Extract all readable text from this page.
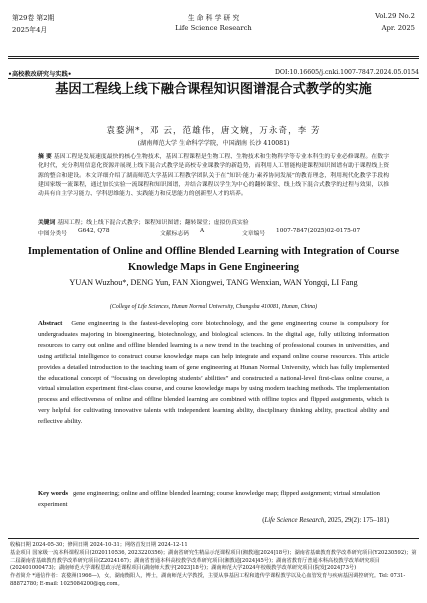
第29卷 第2期
2025年4月
生 命 科 学 研 究
Life Science Research
Vol.29 No.2
Apr. 2025
•高校教改研究与实践•	DOI:10.16605/j.cnki.1007-7847.2024.05.0154
基因工程线上线下融合课程知识图谱混合式教学的实施
袁婺洲*，邓 云，范雄伟，唐文婉，万永奇，李 芳
(湖南师范大学 生命科学学院，中国湖南 长沙 410081)
摘 要 基因工程是发展速度最快的核心生物技术，基因工程课程是生物工程、生物技术和生物科学等专业本科生的专业必修课程。在数字化时代，充分利用信息化资源并展现上线下混合式教学是高校专业课教学的新趋势，而利用人工智能构建课程知识图谱有助于课程线上资源的整合和建设。本文详细介绍了湖南师范大学基因工程教学团队关于在“知识·能力·素养协同发展”的教育理念，利用现代化教学手段构建国家级一流课程，通过加长实验一流课程和知识图谱，并结合课程以学生为中心的翻转课堂、线上线下混合式教学的过程与效果，以推动具有自主学习能力、学科思维能力、实践能力和反思能力的创新型人才的培养。
关键词 基因工程；线上线下混合式教学；课程知识图谱；翻转课堂；虚拟仿真实验
中图分类号 G642, Q78	文献标志码 A	文章编号 1007-7847(2025)02-0175-07
Implementation of Online and Offline Blended Learning with Integration of Course Knowledge Maps in Gene Engineering
YUAN Wuzhou*, DENG Yun, FAN Xiongwei, TANG Wenxian, WAN Yongqi, LI Fang
(College of Life Sciences, Hunan Normal University, Changsha 410081, Hunan, China)
Abstract Gene engineering is the fastest-developing core biotechnology, and the gene engineering course is compulsory for undergraduates majoring in bioengineering, biotechnology, and biological sciences. In the digital age, fully utilizing information resources to carry out online and offline blended learning is a new trend in the teaching of professional courses in universities, and using artificial intelligence to construct course knowledge maps can help integrate and expand online course resources. This article provides a detailed introduction to the teaching team of gene engineering at Hunan Normal University, which has fully implemented the educational concept of “focusing on developing students’ abilities” and constructed a national-level first-class online course, a virtual simulation experiment first-class course, and course knowledge maps by using modern teaching methods. The implementation process and effectiveness of online and offline blended learning are combined with offline topics and flipped assignments, which is very helpful for cultivating innovative talents with independent learning ability, disciplinary thinking ability, practical ability and reflective ability.
Key words gene engineering; online and offline blended learning; course knowledge map; flipped assignment; virtual simulation experiment
(Life Science Research, 2025, 29(2): 175–181)
收稿日期 2024-05-30；修回日期 2024-10-31；网络首发日期 2024-12-11
基金项目 国家级一流本科课程项目(2020110536, 2023220356)；湖南省研究生精品示范课程项目(湘教通[2024]18号)；湖南省基础教育教学改革研究项目(Y20230592)；第二届湖南省基础教育教学改革研究项目(Z2024167)；湖南省普通本科高校教学改革研究项目(湘教通[2024]45号)；湖南省教育厅普通本科高校教学改革研究项目(202401000473)；湖南师范大学课程思政示范课程项目(湖南师大教字[2023]18号)；湖南师范大学2024年校级教学改革研究项目(院发[2024]73号)
作者简介 *通信作者：袁婺洲(1966—)，女，湖南衡阳人，博士，湖南师范大学教授，主要从事基因工程和遗传学课程教学以及心血管发育与疾病基因调控研究。Tel: 0731-88872780; E-mail: 1025084200@qq.com。
